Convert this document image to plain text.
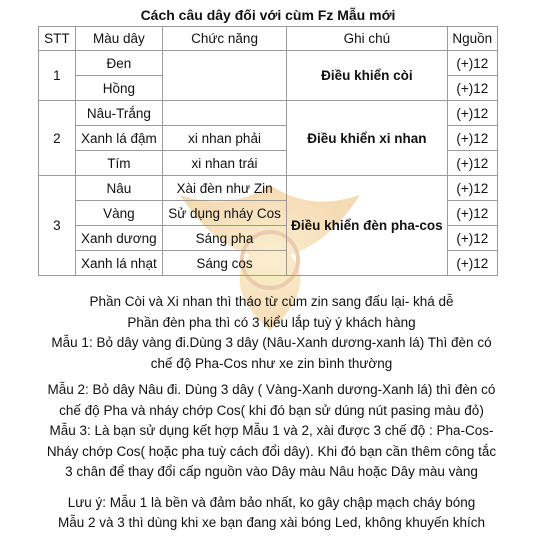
Cách câu dây đối với cùm Fz Mẫu mới
STT	Màu dây	Chức năng	Ghi chú	Nguồn
1	Đen		Điều khiển còi	(+)12
	Hồng			(+)12
2	Nâu-Trắng		Điều khiển xi nhan	(+)12
	Xanh lá đậm	xi nhan phải		(+)12
	Tím	xi nhan trái		(+)12
3	Nâu	Xài đèn như Zin	Điều khiển đèn pha-cos	(+)12
	Vàng	Sử dụng nháy Cos		(+)12
	Xanh dương	Sáng pha		(+)12
	Xanh lá nhạt	Sáng cos		(+)12

Phần Còi và Xi nhan thì tháo từ cùm zin sang đấu lại- khá dễ

Phần đèn pha thì có 3 kiểu lắp tuỳ ý khách hàng

Mẫu 1: Bỏ dây vàng đi.Dùng 3 dây (Nâu-Xanh dương-xanh lá) Thì đèn có

chế độ Pha-Cos như xe zin bình thường

Mẫu 2: Bỏ dây Nâu đi. Dùng 3 dây ( Vàng-Xanh dương-Xanh lá) thì đèn có

chế độ Pha và nháy chớp Cos( khi đó bạn sử dúng nút pasing màu đỏ)

Mẫu 3: Là bạn sử dụng kết hợp Mẫu 1 và 2, xài được 3 chế độ : Pha-Cos-

Nháy chớp Cos( hoặc pha tuỳ cách đổi dây). Khi đó bạn cần thêm công tắc

3 chân để thay đổi cấp nguồn vào Dây màu Nâu hoặc Dây màu vàng

Lưu ý: Mẫu 1 là bền và đảm bảo nhất, ko gây chập mạch cháy bóng

Mẫu 2 và 3 thì dùng khi xe bạn đang xài bóng Led, không khuyến khích
